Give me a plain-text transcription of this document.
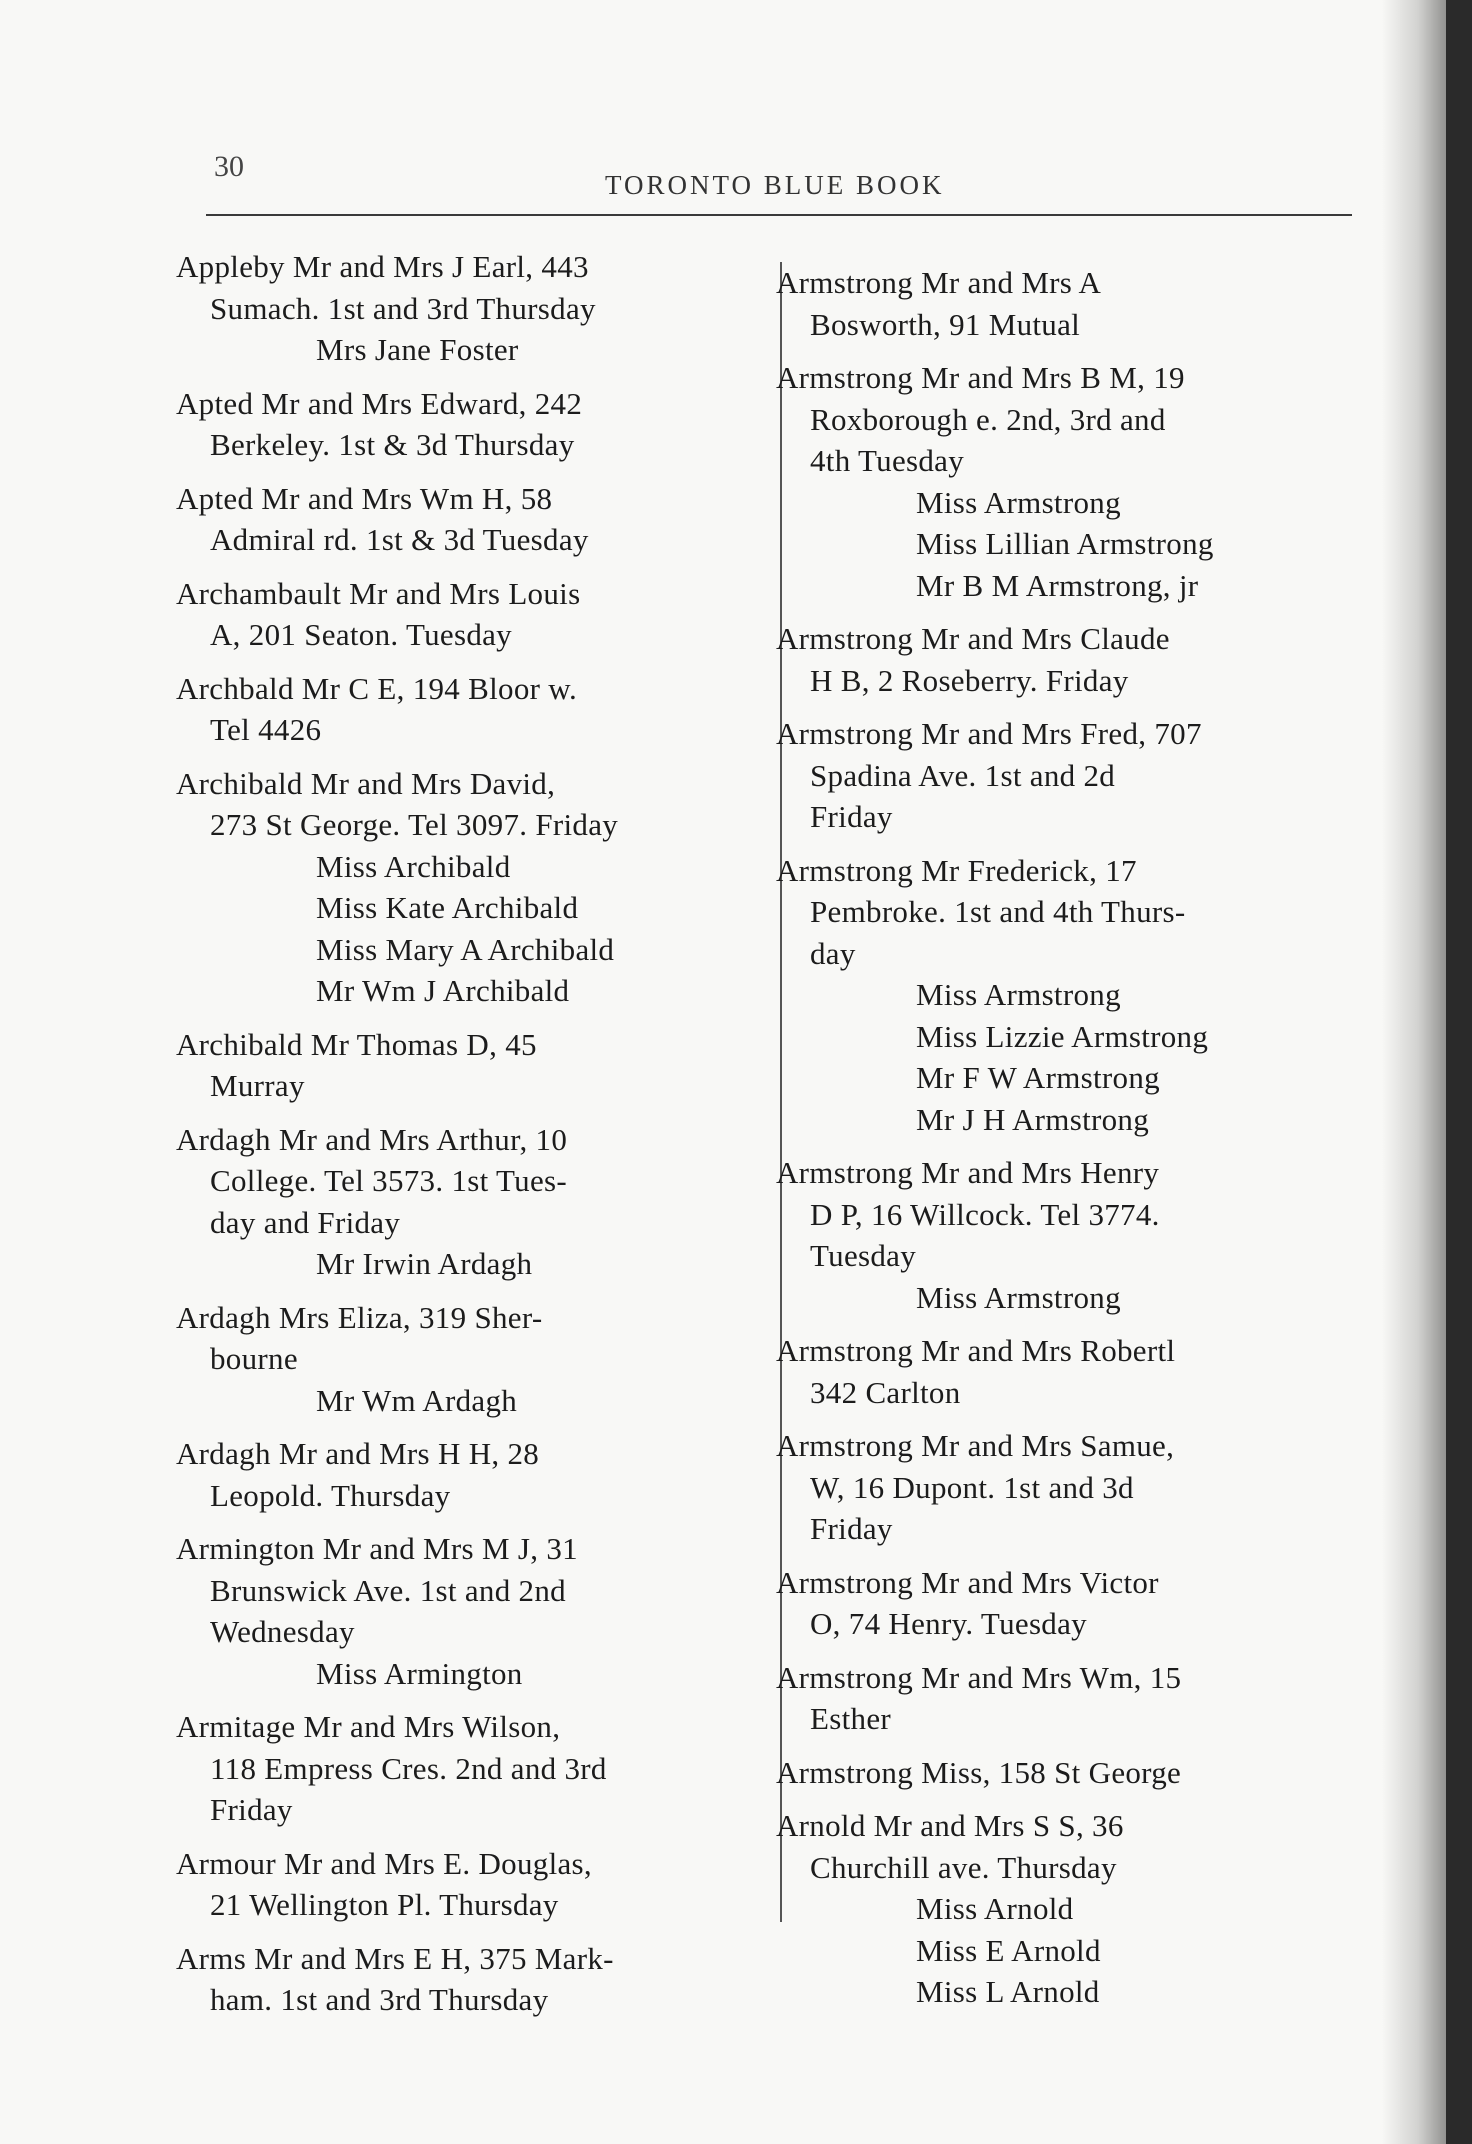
30
TORONTO BLUE BOOK
Appleby Mr and Mrs J Earl, 443
Sumach. 1st and 3rd Thursday
Mrs Jane Foster
Apted Mr and Mrs Edward, 242
Berkeley. 1st & 3d Thursday
Apted Mr and Mrs Wm H, 58
Admiral rd. 1st & 3d Tuesday
Archambault Mr and Mrs Louis
A, 201 Seaton. Tuesday
Archbald Mr C E, 194 Bloor w.
Tel 4426
Archibald Mr and Mrs David,
273 St George. Tel 3097. Friday
Miss Archibald
Miss Kate Archibald
Miss Mary A Archibald
Mr Wm J Archibald
Archibald Mr Thomas D, 45
Murray
Ardagh Mr and Mrs Arthur, 10
College. Tel 3573. 1st Tues-
day and Friday
Mr Irwin Ardagh
Ardagh Mrs Eliza, 319 Sher-
bourne
Mr Wm Ardagh
Ardagh Mr and Mrs H H, 28
Leopold. Thursday
Armington Mr and Mrs M J, 31
Brunswick Ave. 1st and 2nd
Wednesday
Miss Armington
Armitage Mr and Mrs Wilson,
118 Empress Cres. 2nd and 3rd
Friday
Armour Mr and Mrs E. Douglas,
21 Wellington Pl. Thursday
Arms Mr and Mrs E H, 375 Mark-
ham. 1st and 3rd Thursday
Armstrong Mr and Mrs A
Bosworth, 91 Mutual
Armstrong Mr and Mrs B M, 19
Roxborough e. 2nd, 3rd and
4th Tuesday
Miss Armstrong
Miss Lillian Armstrong
Mr B M Armstrong, jr
Armstrong Mr and Mrs Claude
H B, 2 Roseberry. Friday
Armstrong Mr and Mrs Fred, 707
Spadina Ave. 1st and 2d
Friday
Armstrong Mr Frederick, 17
Pembroke. 1st and 4th Thurs-
day
Miss Armstrong
Miss Lizzie Armstrong
Mr F W Armstrong
Mr J H Armstrong
Armstrong Mr and Mrs Henry
D P, 16 Willcock. Tel 3774.
Tuesday
Miss Armstrong
Armstrong Mr and Mrs Robertl
342 Carlton
Armstrong Mr and Mrs Samue,
W, 16 Dupont. 1st and 3d
Friday
Armstrong Mr and Mrs Victor
O, 74 Henry. Tuesday
Armstrong Mr and Mrs Wm, 15
Esther
Armstrong Miss, 158 St George
Arnold Mr and Mrs S S, 36
Churchill ave. Thursday
Miss Arnold
Miss E Arnold
Miss L Arnold
